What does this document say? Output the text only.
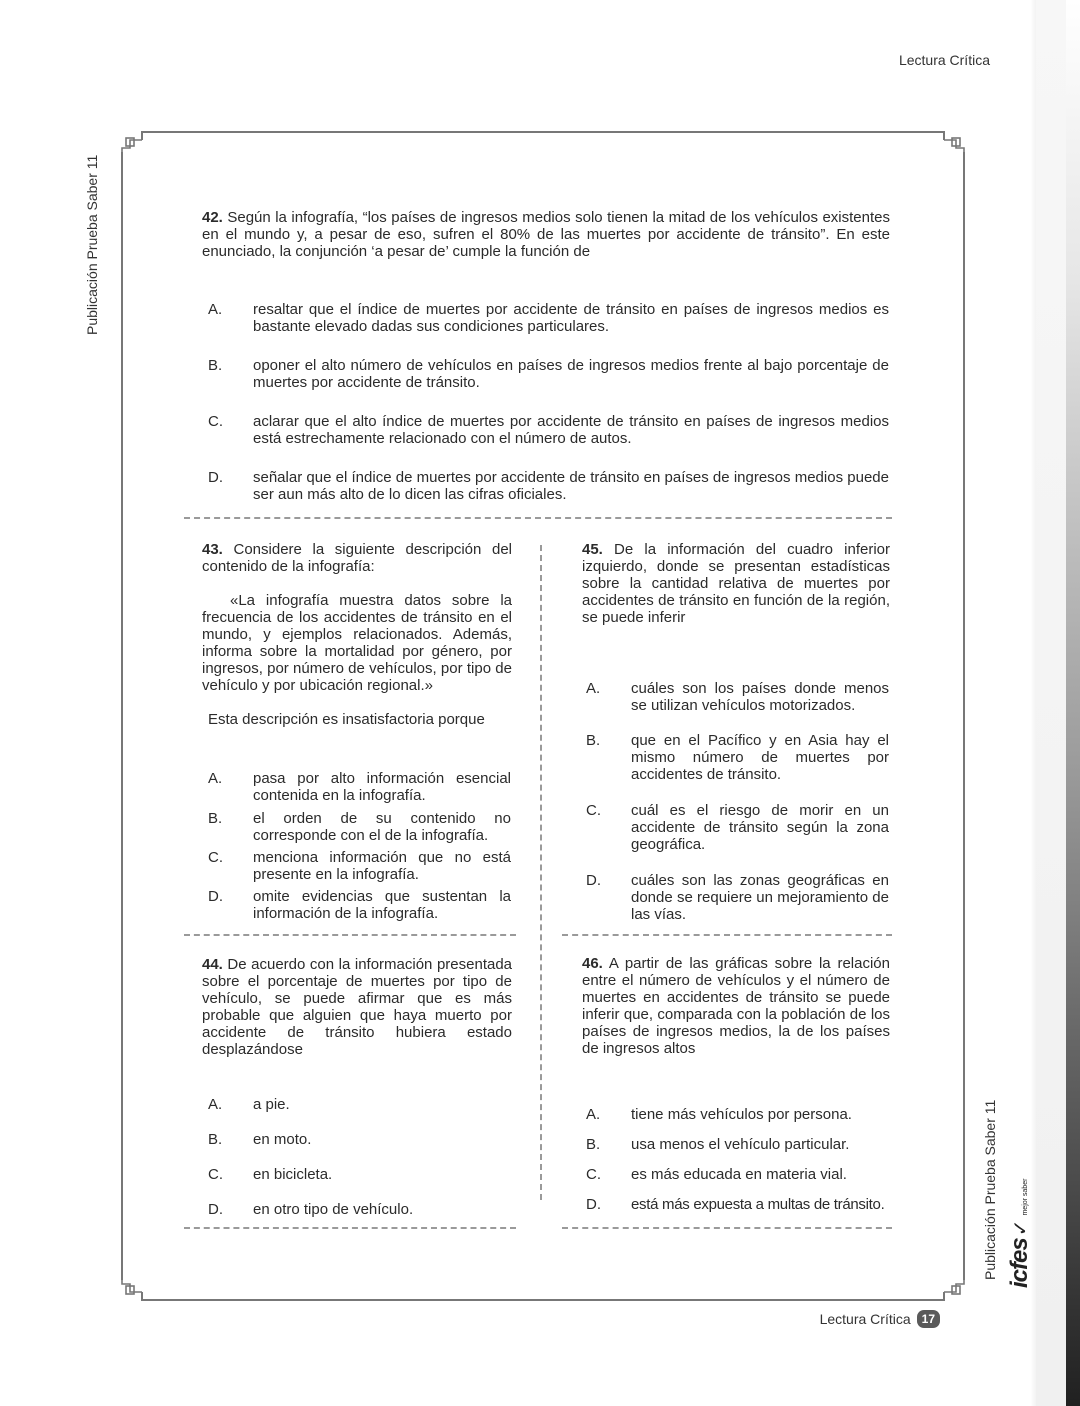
Lectura Crítica
Publicación Prueba Saber 11
Publicación Prueba Saber 11 icfes✓mejor saber
42. Según la infografía, “los países de ingresos medios solo tienen la mitad de los vehículos existentes en el mundo y, a pesar de eso, sufren el 80% de las muertes por accidente de tránsito”. En este enunciado, la conjunción ‘a pesar de’ cumple la función de
A. resaltar que el índice de muertes por accidente de tránsito en países de ingresos medios es bastante elevado dadas sus condiciones particulares.
B. oponer el alto número de vehículos en países de ingresos medios frente al bajo porcentaje de muertes por accidente de tránsito.
C. aclarar que el alto índice de muertes por accidente de tránsito en países de ingresos medios está estrechamente relacionado con el número de autos.
D. señalar que el índice de muertes por accidente de tránsito en países de ingresos medios puede ser aun más alto de lo dicen las cifras oficiales.
43. Considere la siguiente descripción del contenido de la infografía:
«La infografía muestra datos sobre la frecuencia de los accidentes de tránsito en el mundo, y ejemplos relacionados. Además, informa sobre la mortalidad por género, por ingresos, por número de vehículos, por tipo de vehículo y por ubicación regional.»
Esta descripción es insatisfactoria porque
A. pasa por alto información esencial contenida en la infografía.
B. el orden de su contenido no corresponde con el de la infografía.
C. menciona información que no está presente en la infografía.
D. omite evidencias que sustentan la información de la infografía.
44. De acuerdo con la información presentada sobre el porcentaje de muertes por tipo de vehículo, se puede afirmar que es más probable que alguien que haya muerto por accidente de tránsito hubiera estado desplazándose
A. a pie.
B. en moto.
C. en bicicleta.
D. en otro tipo de vehículo.
45. De la información del cuadro inferior izquierdo, donde se presentan estadísticas sobre la cantidad relativa de muertes por accidentes de tránsito en función de la región, se puede inferir
A. cuáles son los países donde menos se utilizan vehículos motorizados.
B. que en el Pacífico y en Asia hay el mismo número de muertes por accidentes de tránsito.
C. cuál es el riesgo de morir en un accidente de tránsito según la zona geográfica.
D. cuáles son las zonas geográficas en donde se requiere un mejoramiento de las vías.
46. A partir de las gráficas sobre la relación entre el número de vehículos y el número de muertes en accidentes de tránsito se puede inferir que, comparada con la población de los países de ingresos medios, la de los países de ingresos altos
A. tiene más vehículos por persona.
B. usa menos el vehículo particular.
C. es más educada en materia vial.
D. está más expuesta a multas de tránsito.
Lectura Crítica 17
